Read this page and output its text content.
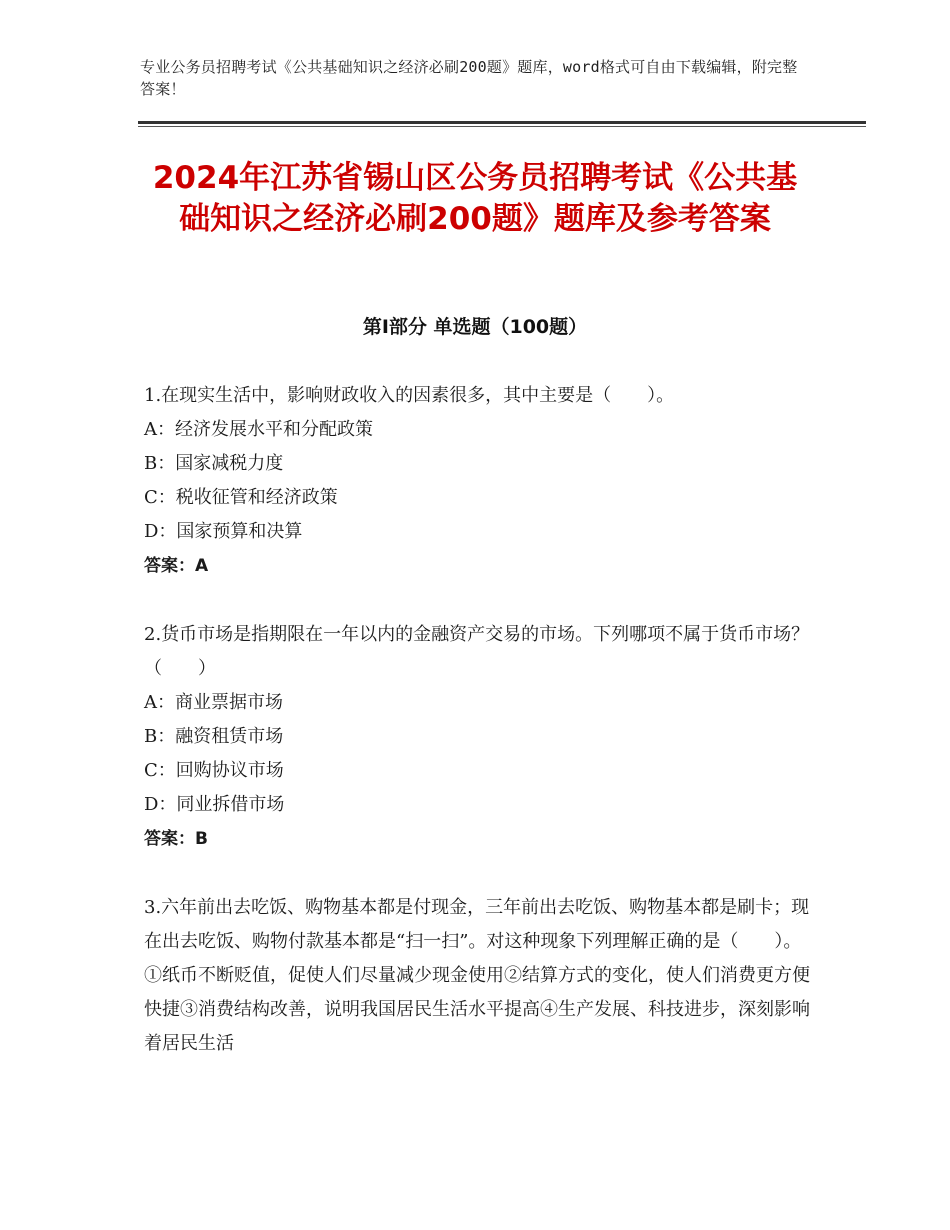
专业公务员招聘考试《公共基础知识之经济必刷200题》题库，word格式可自由下载编辑，附完整答案！
2024年江苏省锡山区公务员招聘考试《公共基础知识之经济必刷200题》题库及参考答案
第Ⅰ部分 单选题（100题）

1.在现实生活中，影响财政收入的因素很多，其中主要是（　　）。

A：经济发展水平和分配政策

B：国家减税力度

C：税收征管和经济政策

D：国家预算和决算

答案：A

2.货币市场是指期限在一年以内的金融资产交易的市场。下列哪项不属于货币市场？（　　）

A：商业票据市场

B：融资租赁市场

C：回购协议市场

D：同业拆借市场

答案：B

3.六年前出去吃饭、购物基本都是付现金，三年前出去吃饭、购物基本都是刷卡；现在出去吃饭、购物付款基本都是“扫一扫”。对这种现象下列理解正确的是（　　）。①纸币不断贬值，促使人们尽量减少现金使用②结算方式的变化，使人们消费更方便快捷③消费结构改善，说明我国居民生活水平提高④生产发展、科技进步，深刻影响着居民生活
